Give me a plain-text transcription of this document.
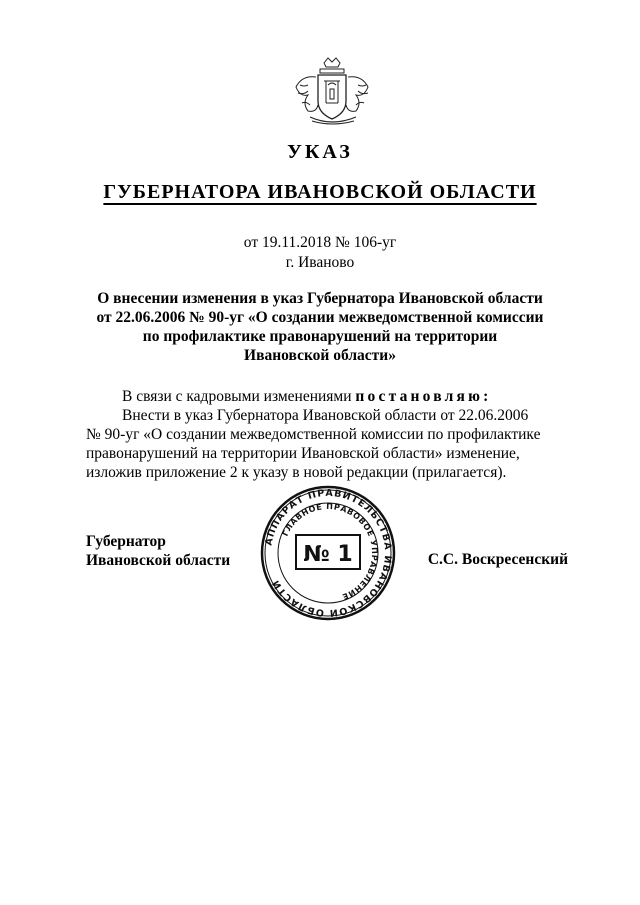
УКАЗ
ГУБЕРНАТОРА ИВАНОВСКОЙ ОБЛАСТИ
от 19.11.2018 № 106-уг
г. Иваново
О внесении изменения в указ Губернатора Ивановской области
от 22.06.2006 № 90-уг «О создании межведомственной комиссии
по профилактике правонарушений на территории
Ивановской области»
В связи с кадровыми изменениями постановляю:
Внести в указ Губернатора Ивановской области от 22.06.2006
№ 90-уг «О создании межведомственной комиссии по профилактике
правонарушений на территории Ивановской области» изменение,
изложив приложение 2 к указу в новой редакции (прилагается).
Губернатор
Ивановской области
АППАРАТ ПРАВИТЕЛЬСТВА ИВАНОВСКОЙ ОБЛАСТИ
ГЛАВНОЕ ПРАВОВОЕ УПРАВЛЕНИЕ
№ 1	С.С. Воскресенский
